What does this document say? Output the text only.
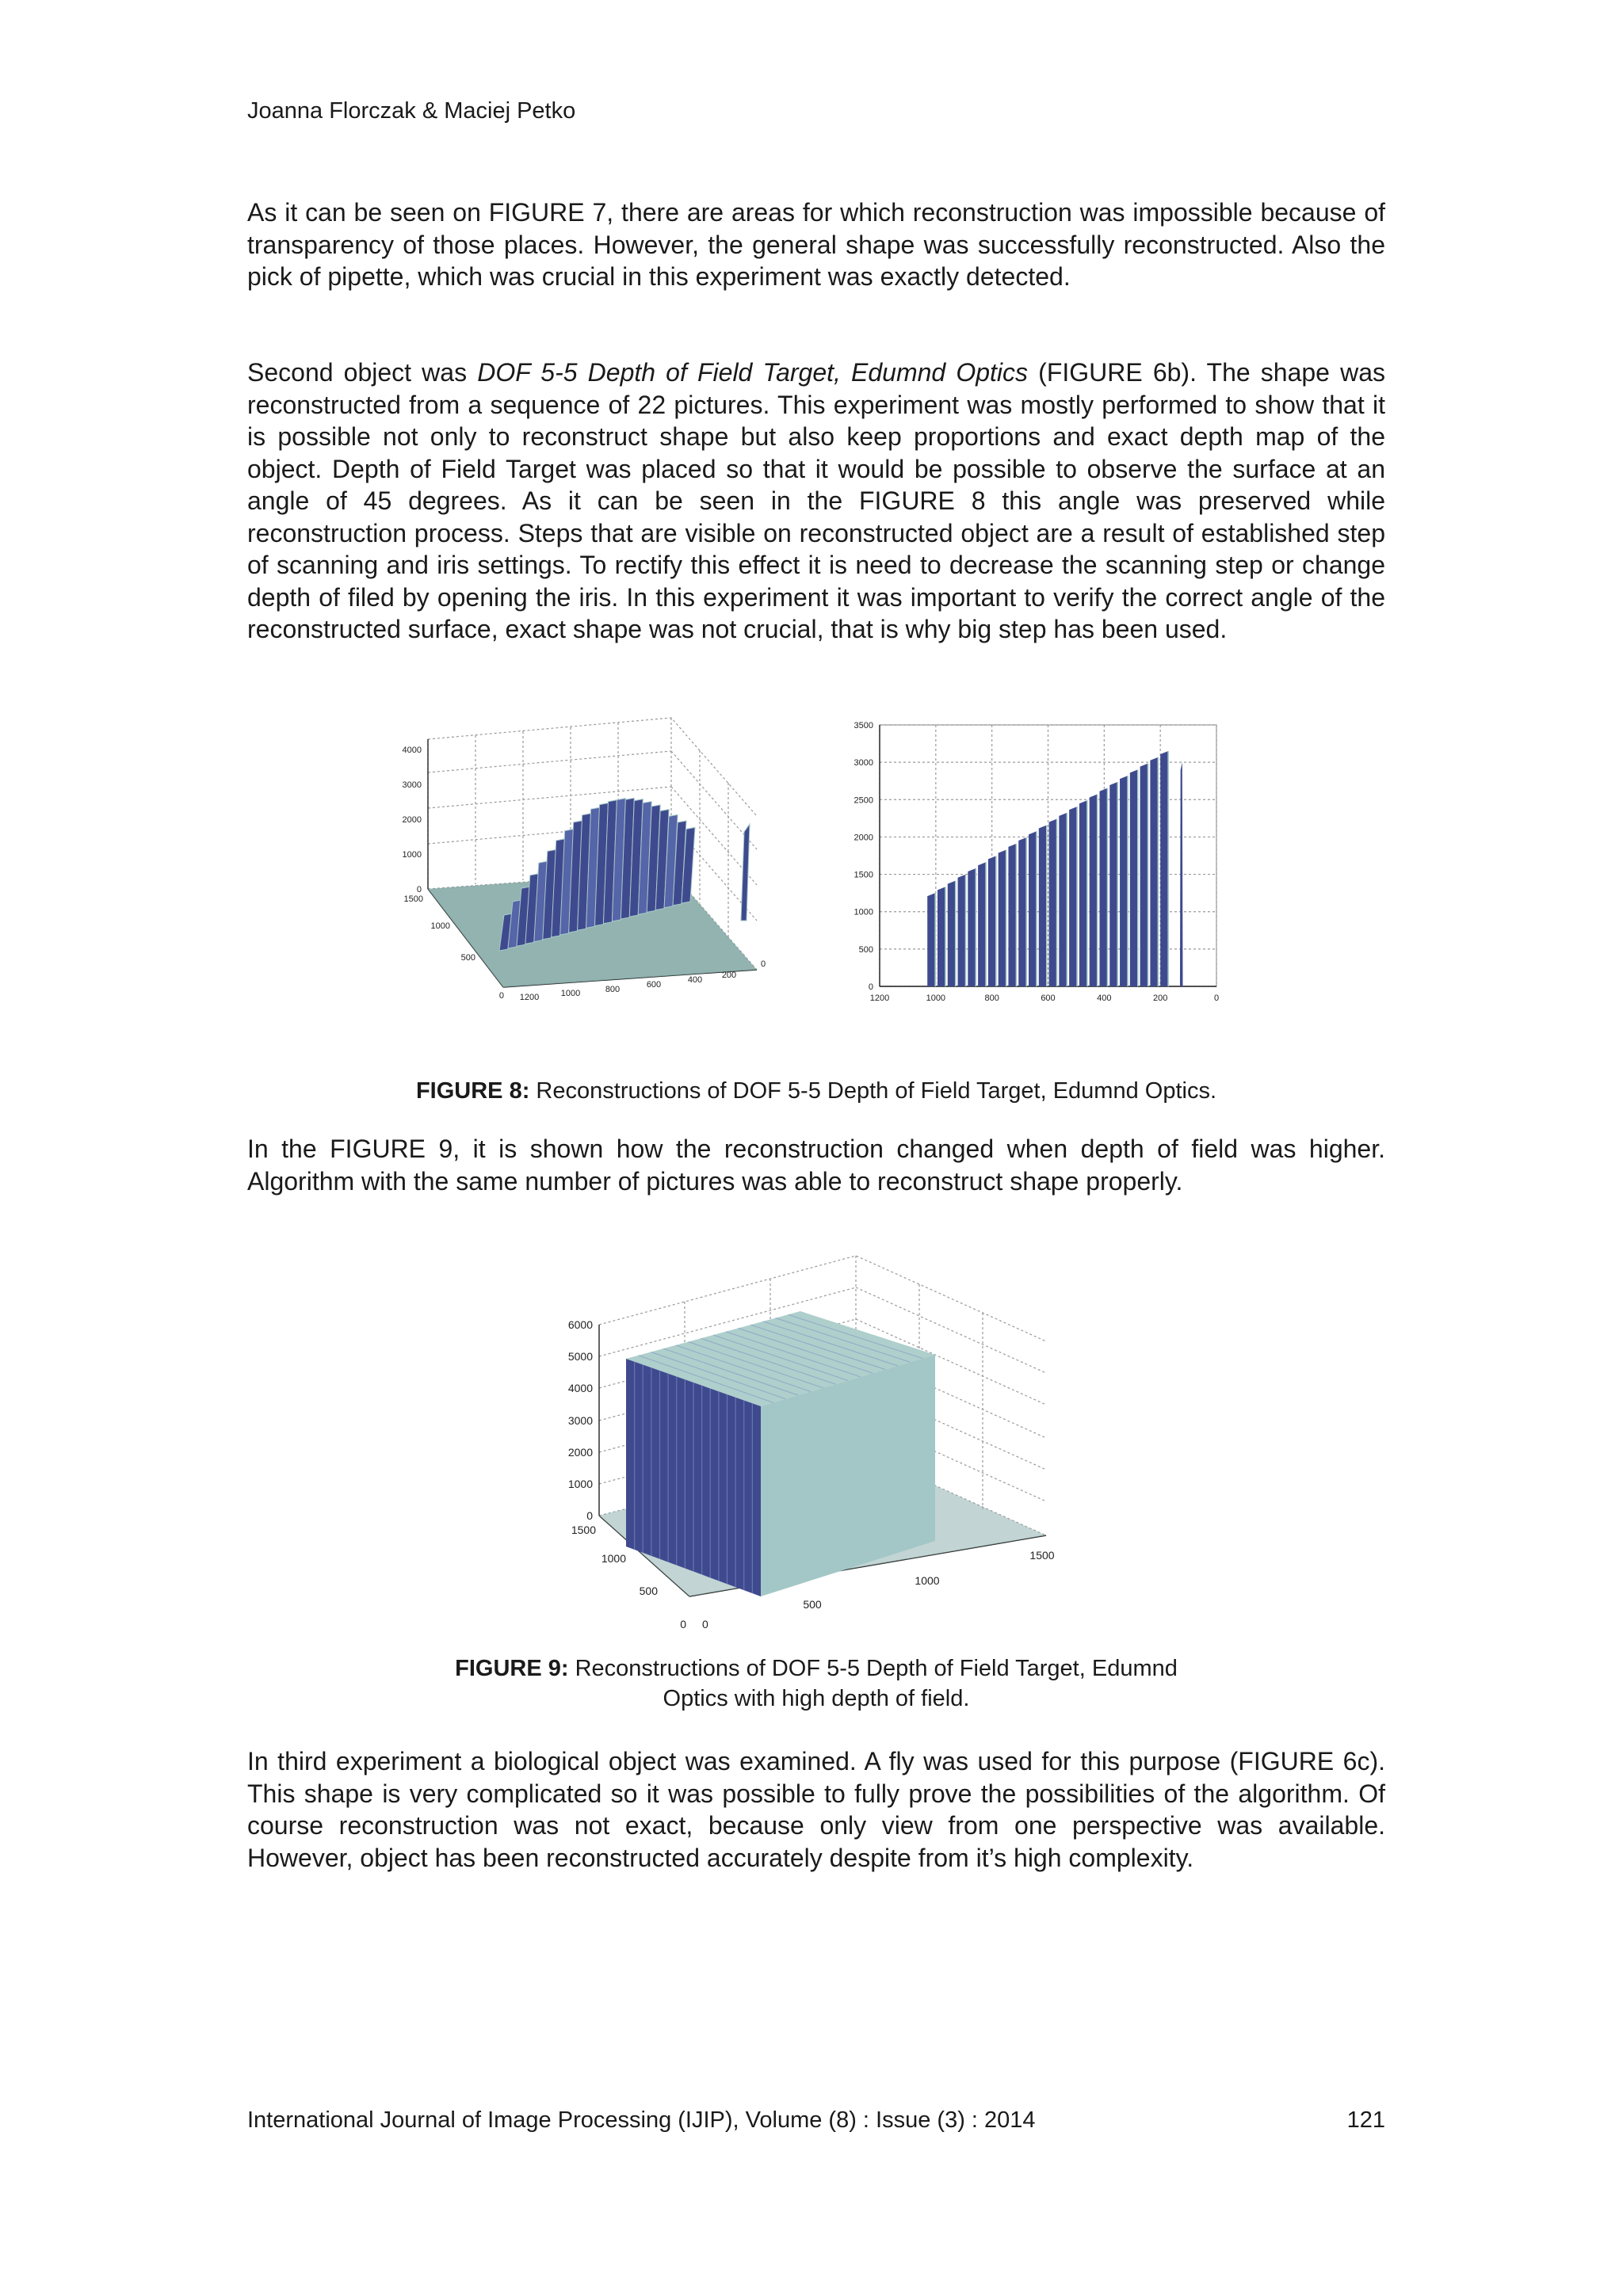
Joanna Florczak & Maciej Petko

As it can be seen on FIGURE 7, there are areas for which reconstruction was impossible because of transparency of those places. However, the general shape was successfully reconstructed. Also the pick of pipette, which was crucial in this experiment was exactly detected.

Second object was DOF 5-5 Depth of Field Target, Edumnd Optics (FIGURE 6b). The shape was reconstructed from a sequence of 22 pictures. This experiment was mostly performed to show that it is possible not only to reconstruct shape but also keep proportions and exact depth map of the object. Depth of Field Target was placed so that it would be possible to observe the surface at an angle of 45 degrees. As it can be seen in the FIGURE 8 this angle was preserved while reconstruction process. Steps that are visible on reconstructed object are a result of established step of scanning and iris settings. To rectify this effect it is need to decrease the scanning step or change depth of filed by opening the iris. In this experiment it was important to verify the correct angle of the reconstructed surface, exact shape was not crucial, that is why big step has been used.

0
1000
2000
3000
4000
0
500
1000
1500
1200	1000	800	600	400 200
0
0
500
1000
1500
2000
2500
3000
3500
1200	1000	800	600	400	200	0
FIGURE 8: Reconstructions of DOF 5-5 Depth of Field Target, Edumnd Optics.

In the FIGURE 9, it is shown how the reconstruction changed when depth of field was higher. Algorithm with the same number of pictures was able to reconstruct shape properly.

0
1000
2000
3000
4000
5000
6000
0
500
1000
1500
0
500
1000
1500
FIGURE 9: Reconstructions of DOF 5-5 Depth of Field Target, Edumnd
Optics with high depth of field.

In third experiment a biological object was examined. A fly was used for this purpose (FIGURE 6c). This shape is very complicated so it was possible to fully prove the possibilities of the algorithm. Of course reconstruction was not exact, because only view from one perspective was available. However, object has been reconstructed accurately despite from it’s high complexity.

International Journal of Image Processing (IJIP), Volume (8) : Issue (3) : 2014	121
